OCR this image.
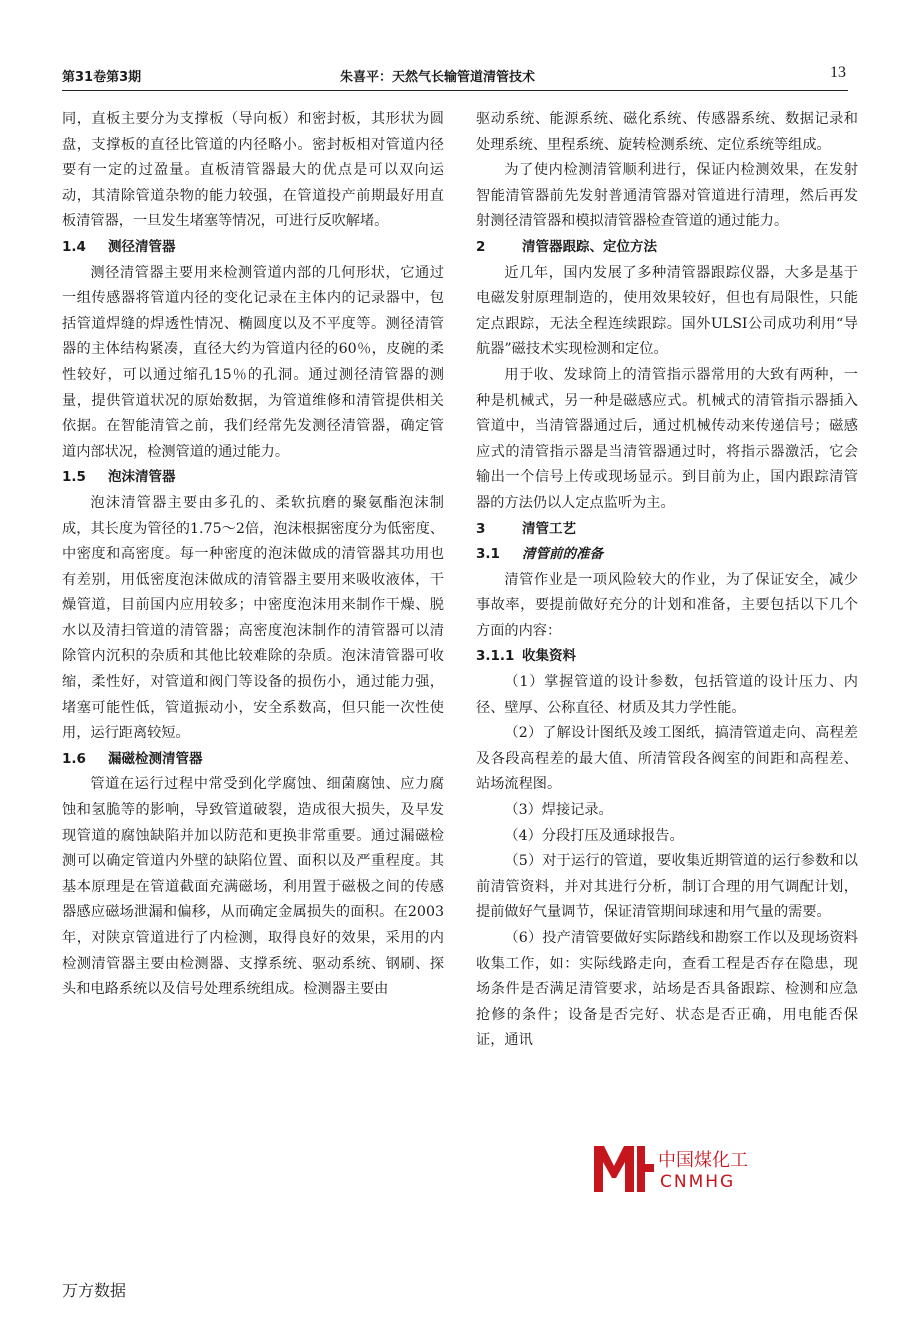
第31卷第3期	朱喜平：天然气长输管道清管技术	13

同，直板主要分为支撑板（导向板）和密封板，其形状为圆盘，支撑板的直径比管道的内径略小。密封板相对管道内径要有一定的过盈量。直板清管器最大的优点是可以双向运动，其清除管道杂物的能力较强，在管道投产前期最好用直板清管器，一旦发生堵塞等情况，可进行反吹解堵。

1.4 测径清管器

测径清管器主要用来检测管道内部的几何形状，它通过一组传感器将管道内径的变化记录在主体内的记录器中，包括管道焊缝的焊透性情况、椭圆度以及不平度等。测径清管器的主体结构紧凑，直径大约为管道内径的60％，皮碗的柔性较好，可以通过缩孔15％的孔洞。通过测径清管器的测量，提供管道状况的原始数据，为管道维修和清管提供相关依据。在智能清管之前，我们经常先发测径清管器，确定管道内部状况，检测管道的通过能力。

1.5 泡沫清管器

泡沫清管器主要由多孔的、柔软抗磨的聚氨酯泡沫制成，其长度为管径的1.75～2倍，泡沫根据密度分为低密度、中密度和高密度。每一种密度的泡沫做成的清管器其功用也有差别，用低密度泡沫做成的清管器主要用来吸收液体，干燥管道，目前国内应用较多；中密度泡沫用来制作干燥、脱水以及清扫管道的清管器；高密度泡沫制作的清管器可以清除管内沉积的杂质和其他比较难除的杂质。泡沫清管器可收缩，柔性好，对管道和阀门等设备的损伤小，通过能力强，堵塞可能性低，管道振动小，安全系数高，但只能一次性使用，运行距离较短。

1.6 漏磁检测清管器

管道在运行过程中常受到化学腐蚀、细菌腐蚀、应力腐蚀和氢脆等的影响，导致管道破裂，造成很大损失，及早发现管道的腐蚀缺陷并加以防范和更换非常重要。通过漏磁检测可以确定管道内外壁的缺陷位置、面积以及严重程度。其基本原理是在管道截面充满磁场，利用置于磁极之间的传感器感应磁场泄漏和偏移，从而确定金属损失的面积。在2003年，对陕京管道进行了内检测，取得良好的效果，采用的内检测清管器主要由检测器、支撑系统、驱动系统、钢刷、探头和电路系统以及信号处理系统组成。检测器主要由

驱动系统、能源系统、磁化系统、传感器系统、数据记录和处理系统、里程系统、旋转检测系统、定位系统等组成。

为了使内检测清管顺利进行，保证内检测效果，在发射智能清管器前先发射普通清管器对管道进行清理，然后再发射测径清管器和模拟清管器检查管道的通过能力。

2	清管器跟踪、定位方法

近几年，国内发展了多种清管器跟踪仪器，大多是基于电磁发射原理制造的，使用效果较好，但也有局限性，只能定点跟踪，无法全程连续跟踪。国外ULSI公司成功利用“导航器”磁技术实现检测和定位。

用于收、发球筒上的清管指示器常用的大致有两种，一种是机械式，另一种是磁感应式。机械式的清管指示器插入管道中，当清管器通过后，通过机械传动来传递信号；磁感应式的清管指示器是当清管器通过时，将指示器激活，它会输出一个信号上传或现场显示。到目前为止，国内跟踪清管器的方法仍以人定点监听为主。

3	清管工艺

3.1 清管前的准备

清管作业是一项风险较大的作业，为了保证安全，减少事故率，要提前做好充分的计划和准备，主要包括以下几个方面的内容：

3.1.1 收集资料

（1）掌握管道的设计参数，包括管道的设计压力、内径、壁厚、公称直径、材质及其力学性能。

（2）了解设计图纸及竣工图纸，搞清管道走向、高程差及各段高程差的最大值、所清管段各阀室的间距和高程差、站场流程图。

（3）焊接记录。

（4）分段打压及通球报告。

（5）对于运行的管道，要收集近期管道的运行参数和以前清管资料，并对其进行分析，制订合理的用气调配计划，提前做好气量调节，保证清管期间球速和用气量的需要。

（6）投产清管要做好实际踏线和勘察工作以及现场资料收集工作，如：实际线路走向，查看工程是否存在隐患，现场条件是否满足清管要求，站场是否具备跟踪、检测和应急抢修的条件；设备是否完好、状态是否正确，用电能否保证，通讯

中国煤化工
CNMHG
万方数据
